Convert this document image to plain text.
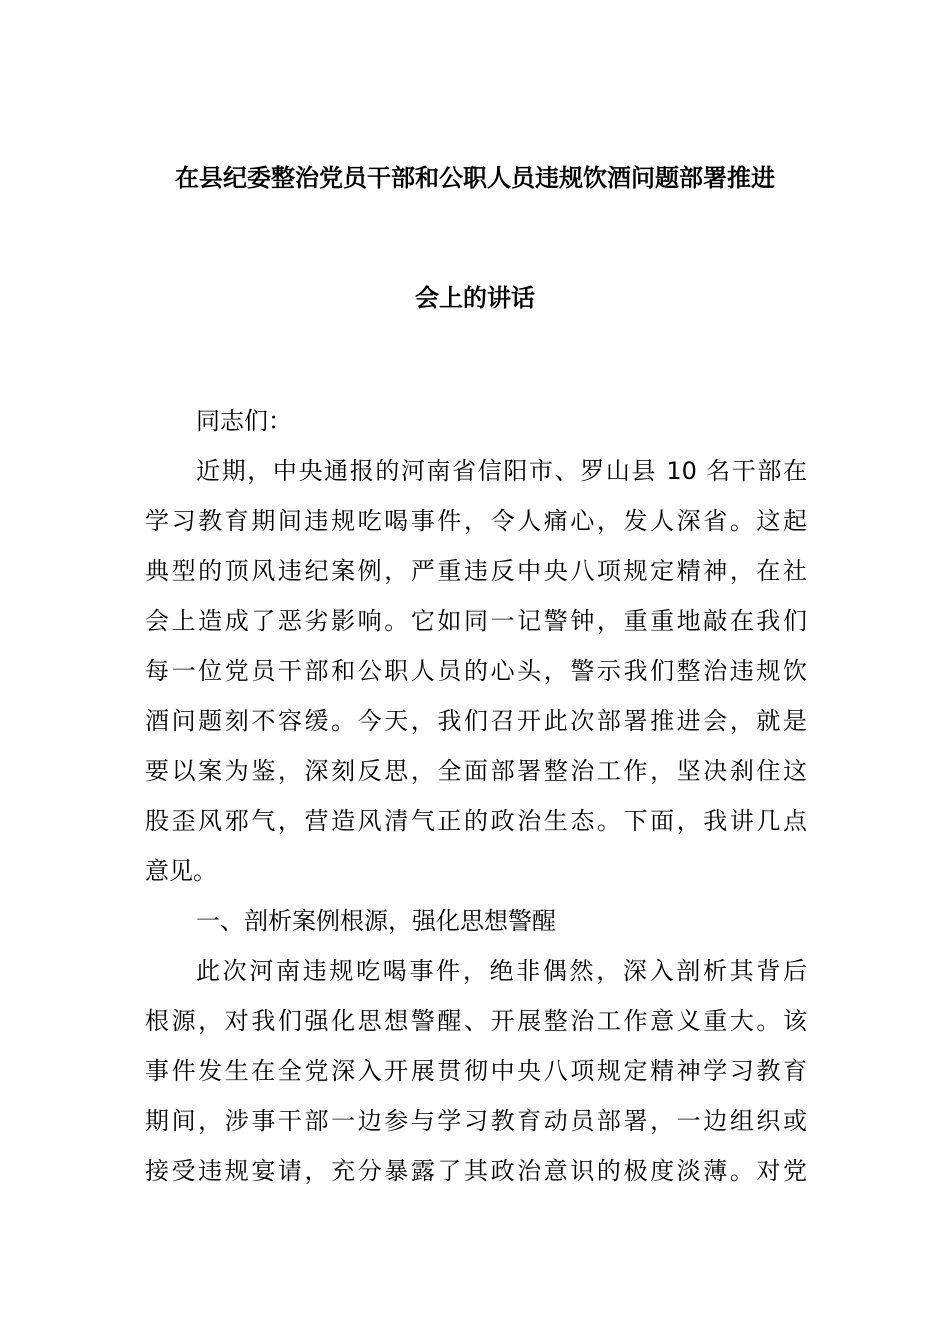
在县纪委整治党员干部和公职人员违规饮酒问题部署推进
会上的讲话
同志们：
近期，中央通报的河南省信阳市、罗山县 10 名干部在
学习教育期间违规吃喝事件，令人痛心，发人深省。这起
典型的顶风违纪案例，严重违反中央八项规定精神，在社
会上造成了恶劣影响。它如同一记警钟，重重地敲在我们
每一位党员干部和公职人员的心头，警示我们整治违规饮
酒问题刻不容缓。今天，我们召开此次部署推进会，就是
要以案为鉴，深刻反思，全面部署整治工作，坚决刹住这
股歪风邪气，营造风清气正的政治生态。下面，我讲几点
意见。
一、剖析案例根源，强化思想警醒
此次河南违规吃喝事件，绝非偶然，深入剖析其背后
根源，对我们强化思想警醒、开展整治工作意义重大。该
事件发生在全党深入开展贯彻中央八项规定精神学习教育
期间，涉事干部一边参与学习教育动员部署，一边组织或
接受违规宴请，充分暴露了其政治意识的极度淡薄。对党
